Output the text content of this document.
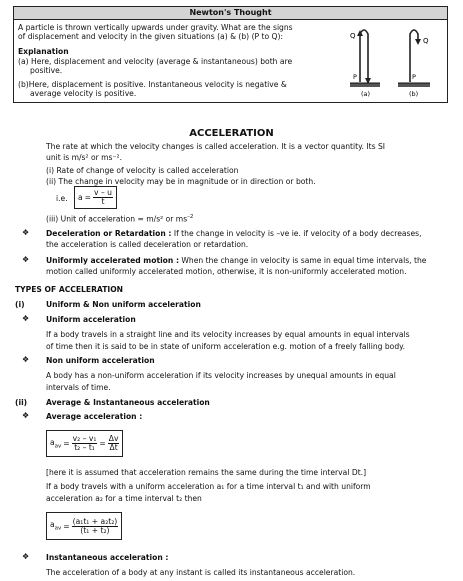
Newton's Thought
A particle is thrown vertically upwards under gravity. What are the signs
of displacement and velocity in the given situations (a) & (b) (P to Q):
Explanation
(a) Here, displacement and velocity (average & instantaneous) both are
positive.
(b)Here, displacement is positive. Instantaneous velocity is negative &
average velocity is positive.
Q
P
(a)
Q
P
(b)
ACCELERATION
The rate at which the velocity changes is called acceleration. It is a vector quantity. Its SI
unit is m/s² or ms⁻².
(i) Rate of change of velocity is called acceleration
(ii) The change in velocity may be in magnitude or in direction or both.
i.e. $a = \frac{v - u}{t}$
(iii) Unit of acceleration = m/s² or $ms^{-2}$
❖ Deceleration or Retardation : If the change in velocity is –ve ie. if velocity of a body decreases,
the acceleration is called deceleration or retardation.
❖ Uniformly accelerated motion : When the change in velocity is same in equal time intervals, the
motion called uniformly accelerated motion, otherwise, it is non-uniformly accelerated motion.
TYPES OF ACCELERATION
(i)	Uniform & Non uniform acceleration
❖ Uniform acceleration
If a body travels in a straight line and its velocity increases by equal amounts in equal intervals
of time then it is said to be in state of uniform acceleration e.g. motion of a freely falling body.
❖ Non uniform acceleration
A body has a non-uniform acceleration if its velocity increases by unequal amounts in equal
intervals of time.
(ii) Average & Instantaneous acceleration
❖ Average acceleration :
$a_{av} = \frac{\text{v₂ – v₁}}{\text{t₂ – t₁}} = \frac{\Delta v}{\Delta t}$
[here it is assumed that acceleration remains the same during the time interval Dt.]
If a body travels with a uniform acceleration a₁ for a time interval t₁ and with uniform
acceleration a₂ for a time interval t₂ then
$a_{av} = \frac{\text{(a₁t₁ + a₂t₂)}}{\text{(t₁ + t₂)}}$
❖ Instantaneous acceleration :
The acceleration of a body at any instant is called its instantaneous acceleration.
